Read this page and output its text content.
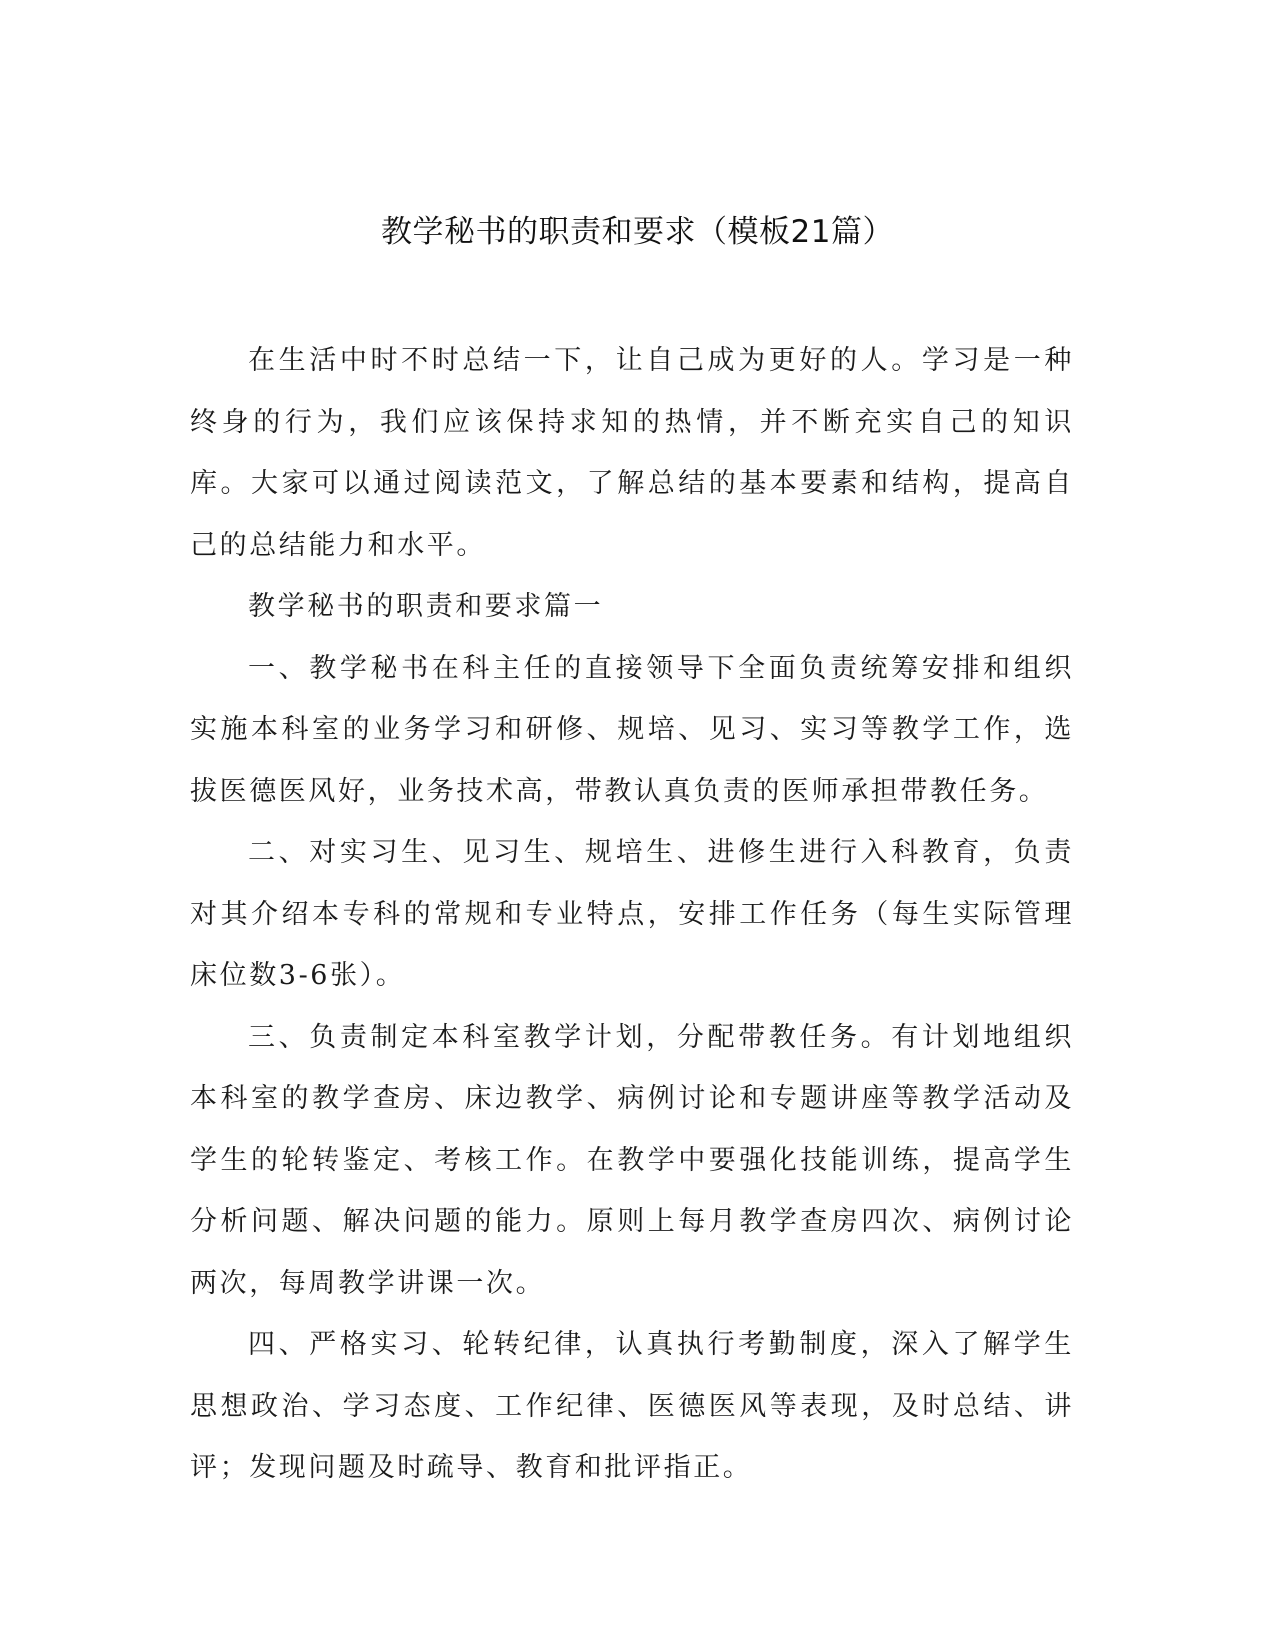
教学秘书的职责和要求（模板21篇）

在生活中时不时总结一下，让自己成为更好的人。学习是一种终身的行为，我们应该保持求知的热情，并不断充实自己的知识库。大家可以通过阅读范文，了解总结的基本要素和结构，提高自己的总结能力和水平。

教学秘书的职责和要求篇一

一、教学秘书在科主任的直接领导下全面负责统筹安排和组织实施本科室的业务学习和研修、规培、见习、实习等教学工作，选拔医德医风好，业务技术高，带教认真负责的医师承担带教任务。

二、对实习生、见习生、规培生、进修生进行入科教育，负责对其介绍本专科的常规和专业特点，安排工作任务（每生实际管理床位数3-6张）。

三、负责制定本科室教学计划，分配带教任务。有计划地组织本科室的教学查房、床边教学、病例讨论和专题讲座等教学活动及学生的轮转鉴定、考核工作。在教学中要强化技能训练，提高学生分析问题、解决问题的能力。原则上每月教学查房四次、病例讨论两次，每周教学讲课一次。

四、严格实习、轮转纪律，认真执行考勤制度，深入了解学生思想政治、学习态度、工作纪律、医德医风等表现，及时总结、讲评；发现问题及时疏导、教育和批评指正。
